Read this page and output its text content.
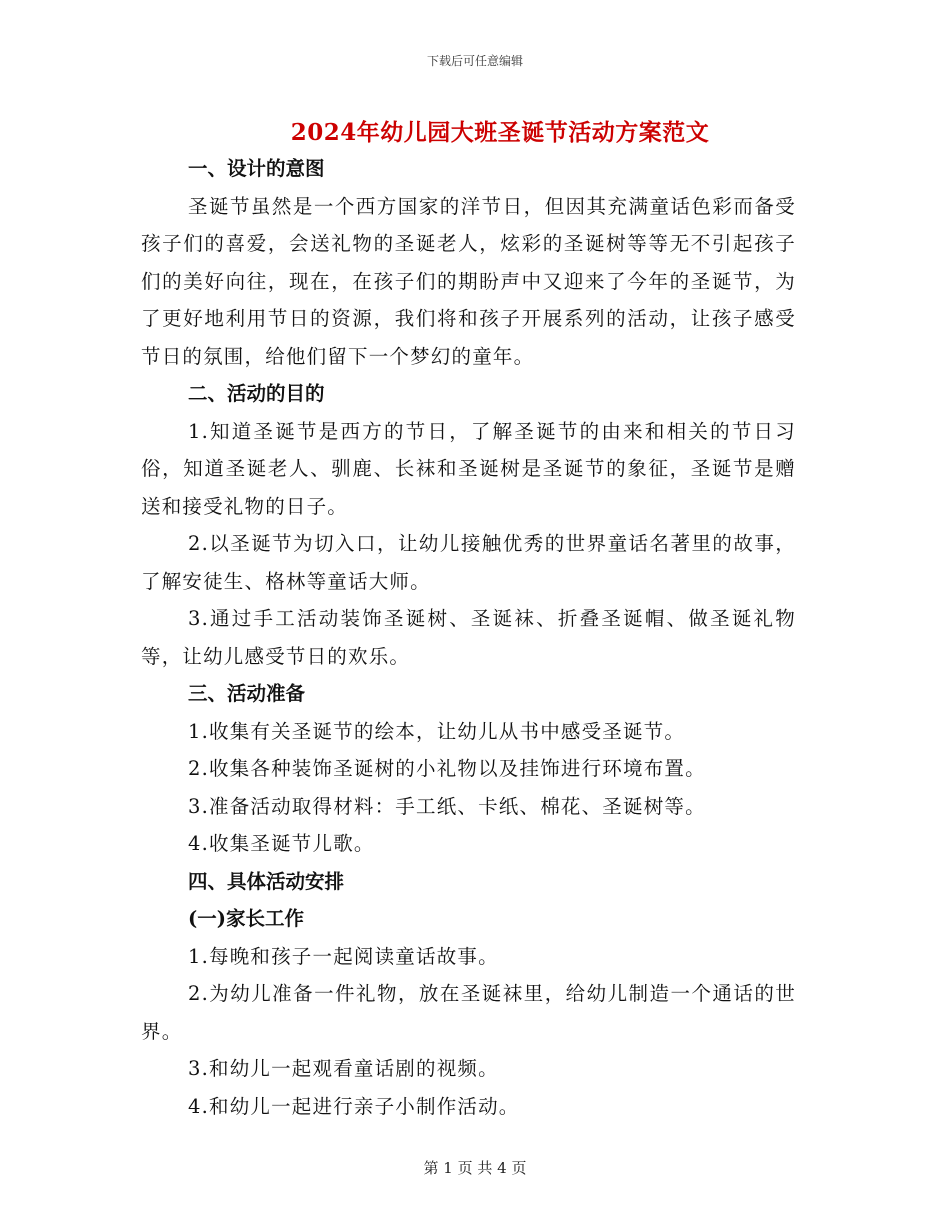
下载后可任意编辑
2024年幼儿园大班圣诞节活动方案范文
一、设计的意图
圣诞节虽然是一个西方国家的洋节日，但因其充满童话色彩而备受孩子们的喜爱，会送礼物的圣诞老人，炫彩的圣诞树等等无不引起孩子们的美好向往，现在，在孩子们的期盼声中又迎来了今年的圣诞节，为了更好地利用节日的资源，我们将和孩子开展系列的活动，让孩子感受节日的氛围，给他们留下一个梦幻的童年。
二、活动的目的
1.知道圣诞节是西方的节日，了解圣诞节的由来和相关的节日习俗，知道圣诞老人、驯鹿、长袜和圣诞树是圣诞节的象征，圣诞节是赠送和接受礼物的日子。
2.以圣诞节为切入口，让幼儿接触优秀的世界童话名著里的故事，了解安徒生、格林等童话大师。
3.通过手工活动装饰圣诞树、圣诞袜、折叠圣诞帽、做圣诞礼物等，让幼儿感受节日的欢乐。
三、活动准备
1.收集有关圣诞节的绘本，让幼儿从书中感受圣诞节。
2.收集各种装饰圣诞树的小礼物以及挂饰进行环境布置。
3.准备活动取得材料：手工纸、卡纸、棉花、圣诞树等。
4.收集圣诞节儿歌。
四、具体活动安排
(一)家长工作
1.每晚和孩子一起阅读童话故事。
2.为幼儿准备一件礼物，放在圣诞袜里，给幼儿制造一个通话的世界。
3.和幼儿一起观看童话剧的视频。
4.和幼儿一起进行亲子小制作活动。
第 1 页 共 4 页
